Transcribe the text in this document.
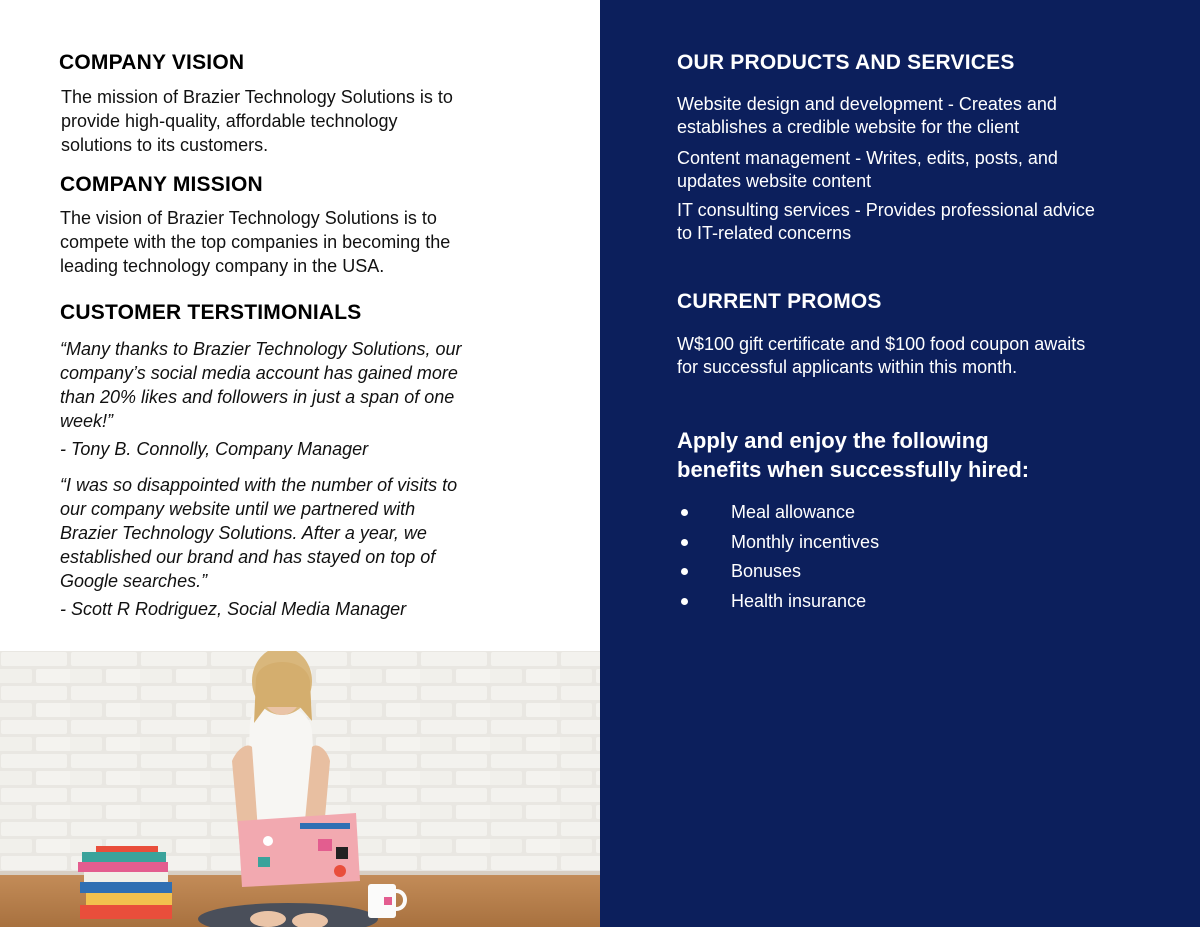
COMPANY VISION
The mission of Brazier Technology Solutions is to
provide high-quality, affordable technology
solutions to its customers.
COMPANY MISSION
The vision of Brazier Technology Solutions is to
compete with the top companies in becoming the
leading technology company in the USA.
CUSTOMER TERSTIMONIALS
“Many thanks to Brazier Technology Solutions, our
company’s social media account has gained more
than 20% likes and followers in just a span of one
week!”
- Tony B. Connolly, Company Manager
“I was so disappointed with the number of visits to
our company website until we partnered with
Brazier Technology Solutions. After a year, we
established our brand and has stayed on top of
Google searches.”
- Scott R Rodriguez, Social Media Manager
OUR PRODUCTS AND SERVICES
Website design and development - Creates and
establishes a credible website for the client
Content management - Writes, edits, posts, and
updates website content
IT consulting services - Provides professional advice
to IT-related concerns
CURRENT PROMOS
W$100 gift certificate and $100 food coupon awaits
for successful applicants within this month.
Apply and enjoy the following
benefits when successfully hired:
Meal allowance
Monthly incentives
Bonuses
Health insurance
